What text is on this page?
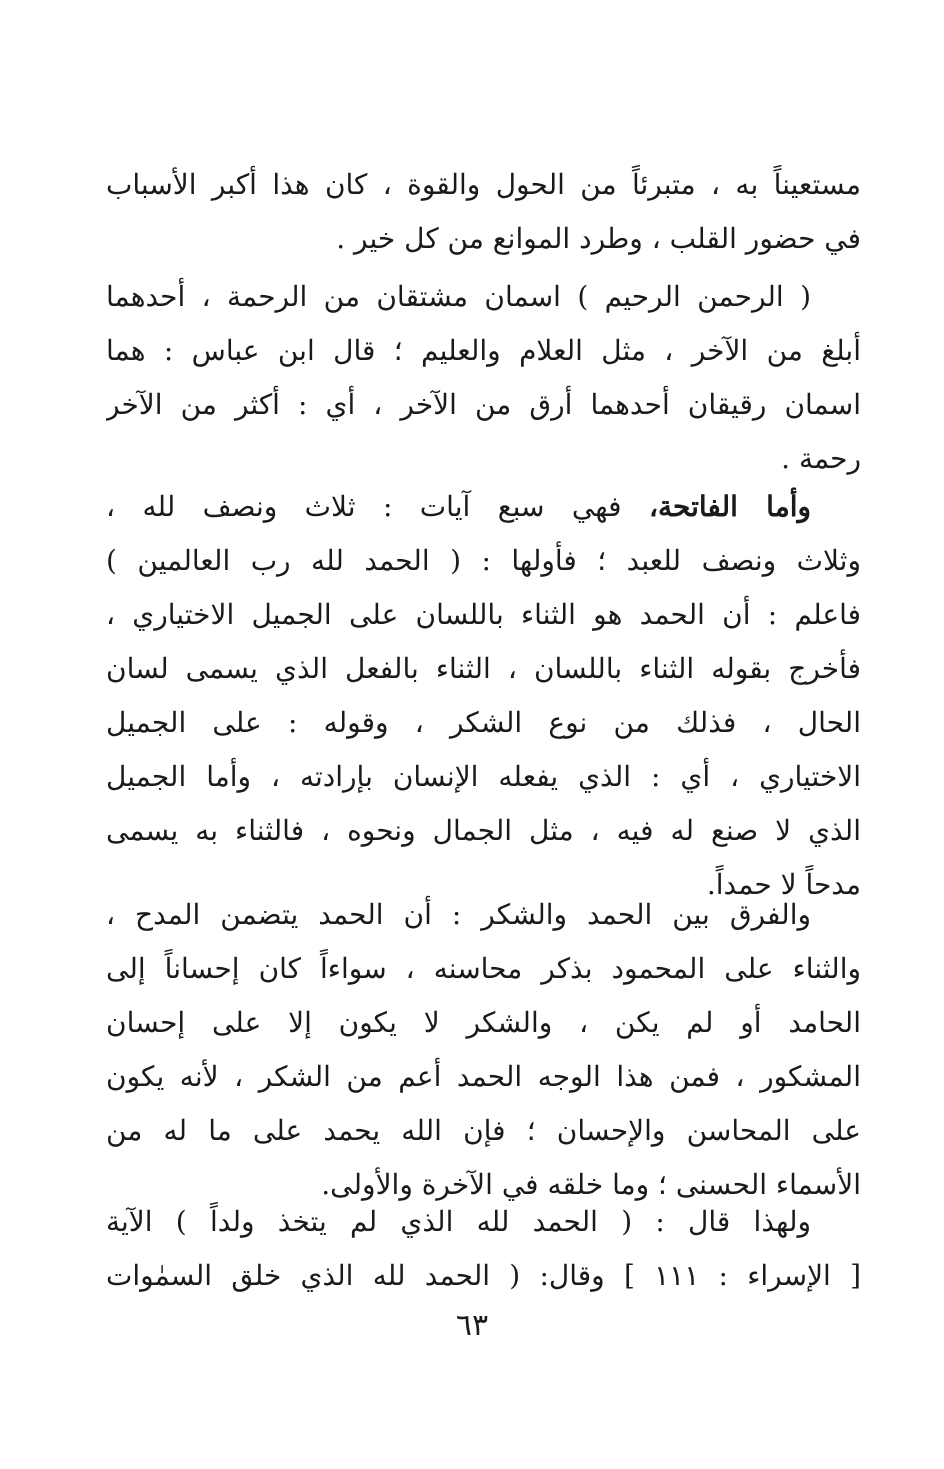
مستعيناً به ، متبرئاً من الحول والقوة ، كان هذا أكبر الأسباب
في حضور القلب ، وطرد الموانع من كل خير .
( الرحمن الرحيم ) اسمان مشتقان من الرحمة ، أحدهما
أبلغ من الآخر ، مثل العلام والعليم ؛ قال ابن عباس : هما
اسمان رقيقان أحدهما أرق من الآخر ، أي : أكثر من الآخر
رحمة .
وأما الفاتحة، فهي سبع آيات : ثلاث ونصف لله ،
وثلاث ونصف للعبد ؛ فأولها : ( الحمد لله رب العالمين )
فاعلم : أن الحمد هو الثناء باللسان على الجميل الاختياري ،
فأخرج بقوله الثناء باللسان ، الثناء بالفعل الذي يسمى لسان
الحال ، فذلك من نوع الشكر ، وقوله : على الجميل
الاختياري ، أي : الذي يفعله الإنسان بإرادته ، وأما الجميل
الذي لا صنع له فيه ، مثل الجمال ونحوه ، فالثناء به يسمى
مدحاً لا حمداً.
والفرق بين الحمد والشكر : أن الحمد يتضمن المدح ،
والثناء على المحمود بذكر محاسنه ، سواءاً كان إحساناً إلى
الحامد أو لم يكن ، والشكر لا يكون إلا على إحسان
المشكور ، فمن هذا الوجه الحمد أعم من الشكر ، لأنه يكون
على المحاسن والإحسان ؛ فإن الله يحمد على ما له من
الأسماء الحسنى ؛ وما خلقه في الآخرة والأولى.
ولهذا قال : ( الحمد لله الذي لم يتخذ ولداً ) الآية
[ الإسراء : ١١١ ] وقال: ( الحمد لله الذي خلق السمٰوات
٦٣
